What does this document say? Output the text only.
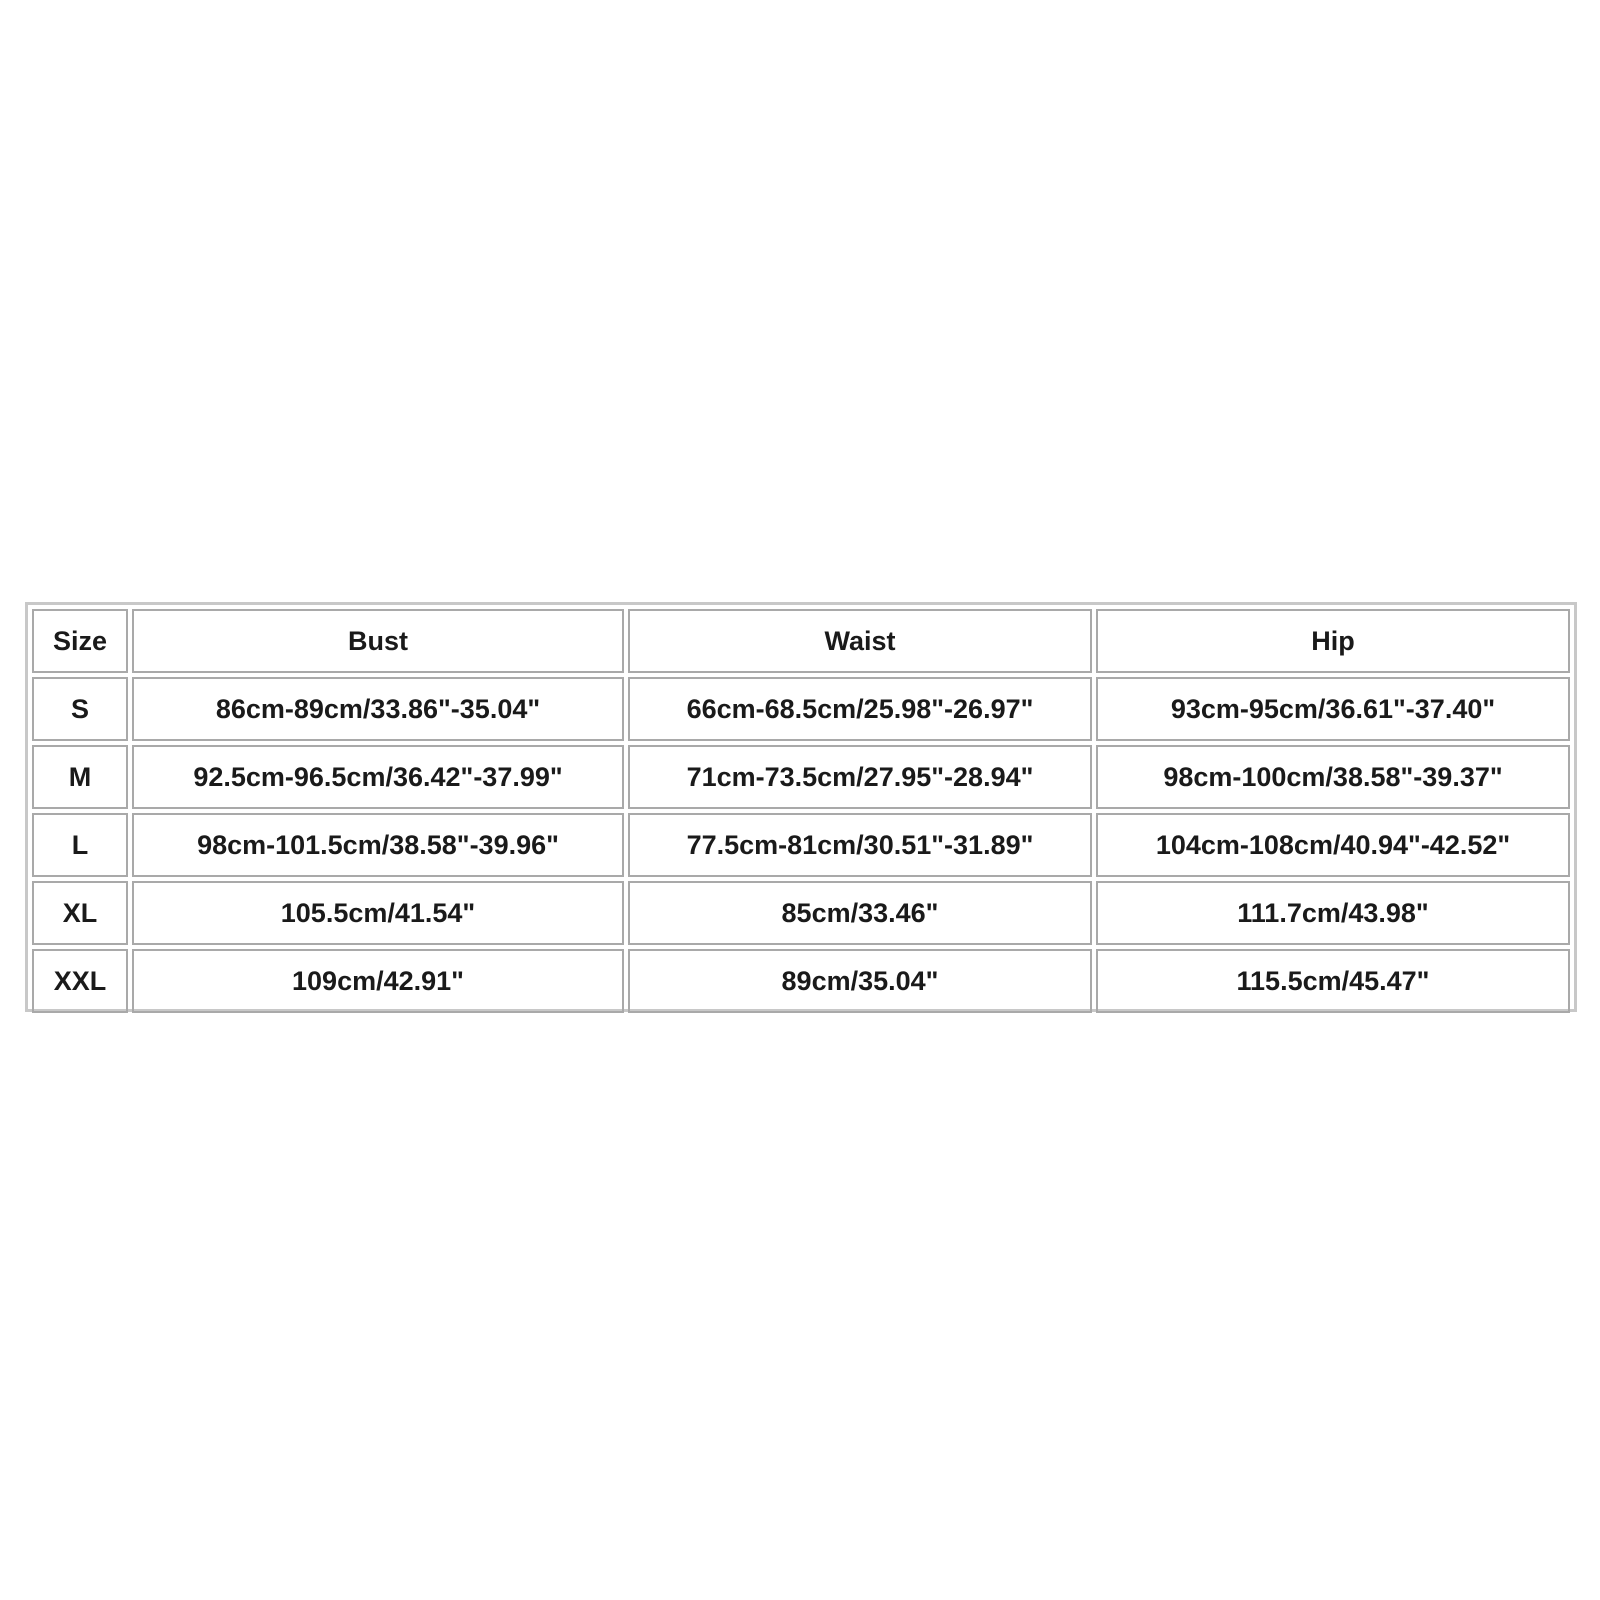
Size	Bust	Waist	Hip
S	86cm-89cm/33.86"-35.04"	66cm-68.5cm/25.98"-26.97"	93cm-95cm/36.61"-37.40"
M	92.5cm-96.5cm/36.42"-37.99"	71cm-73.5cm/27.95"-28.94"	98cm-100cm/38.58"-39.37"
L	98cm-101.5cm/38.58"-39.96"	77.5cm-81cm/30.51"-31.89"	104cm-108cm/40.94"-42.52"
XL	105.5cm/41.54"	85cm/33.46"	111.7cm/43.98"
XXL	109cm/42.91"	89cm/35.04"	115.5cm/45.47"
